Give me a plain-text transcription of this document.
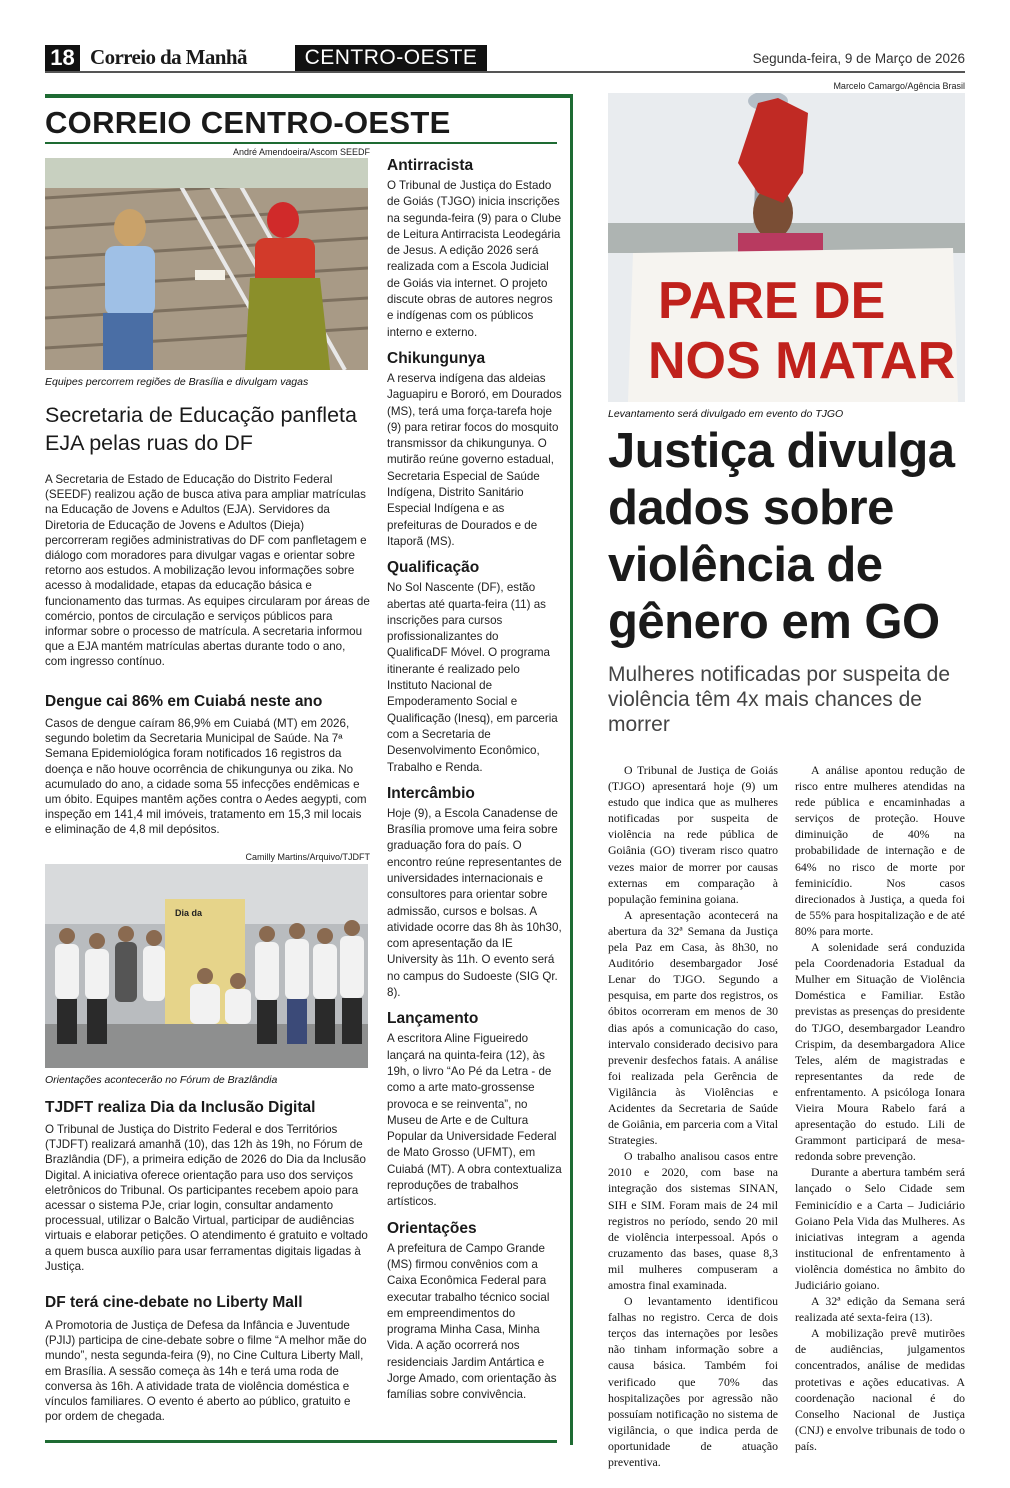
18 Correio da Manhã	CENTRO-OESTE	Segunda-feira, 9 de Março de 2026
CORREIO CENTRO-OESTE
André Amendoeira/Ascom SEEDF
Equipes percorrem regiões de Brasília e divulgam vagas
Secretaria de Educação panfleta EJA pelas ruas do DF
A Secretaria de Estado de Educação do Distrito Federal (SEEDF) realizou ação de busca ativa para ampliar matrículas na Educação de Jovens e Adultos (EJA). Servidores da Diretoria de Educação de Jovens e Adultos (Dieja) percorreram regiões administrativas do DF com panfletagem e diálogo com moradores para divulgar vagas e orientar sobre retorno aos estudos. A mobilização levou informações sobre acesso à modalidade, etapas da educação básica e funcionamento das turmas. As equipes circularam por áreas de comércio, pontos de circulação e serviços públicos para informar sobre o processo de matrícula. A secretaria informou que a EJA mantém matrículas abertas durante todo o ano, com ingresso contínuo.
Dengue cai 86% em Cuiabá neste ano
Casos de dengue caíram 86,9% em Cuiabá (MT) em 2026, segundo boletim da Secretaria Municipal de Saúde. Na 7ª Semana Epidemiológica foram notificados 16 registros da doença e não houve ocorrência de chikungunya ou zika. No acumulado do ano, a cidade soma 55 infecções endêmicas e um óbito. Equipes mantêm ações contra o Aedes aegypti, com inspeção em 141,4 mil imóveis, tratamento em 15,3 mil locais e eliminação de 4,8 mil depósitos.
Camilly Martins/Arquivo/TJDFT
Dia da
Orientações acontecerão no Fórum de Brazlândia
TJDFT realiza Dia da Inclusão Digital
O Tribunal de Justiça do Distrito Federal e dos Territórios (TJDFT) realizará amanhã (10), das 12h às 19h, no Fórum de Brazlândia (DF), a primeira edição de 2026 do Dia da Inclusão Digital. A iniciativa oferece orientação para uso dos serviços eletrônicos do Tribunal. Os participantes recebem apoio para acessar o sistema PJe, criar login, consultar andamento processual, utilizar o Balcão Virtual, participar de audiências virtuais e elaborar petições. O atendimento é gratuito e voltado a quem busca auxílio para usar ferramentas digitais ligadas à Justiça.
DF terá cine-debate no Liberty Mall
A Promotoria de Justiça de Defesa da Infância e Juventude (PJIJ) participa de cine-debate sobre o filme “A melhor mãe do mundo”, nesta segunda-feira (9), no Cine Cultura Liberty Mall, em Brasília. A sessão começa às 14h e terá uma roda de conversa às 16h. A atividade trata de violência doméstica e vínculos familiares. O evento é aberto ao público, gratuito e por ordem de chegada.
Antirracista
O Tribunal de Justiça do Estado de Goiás (TJGO) inicia inscrições na segunda-feira (9) para o Clube de Leitura Antirracista Leodegária de Jesus. A edição 2026 será realizada com a Escola Judicial de Goiás via internet. O projeto discute obras de autores negros e indígenas com os públicos interno e externo.
Chikungunya
A reserva indígena das aldeias Jaguapiru e Bororó, em Dourados (MS), terá uma força-tarefa hoje (9) para retirar focos do mosquito transmissor da chikungunya. O mutirão reúne governo estadual, Secretaria Especial de Saúde Indígena, Distrito Sanitário Especial Indígena e as prefeituras de Dourados e de Itaporã (MS).
Qualificação
No Sol Nascente (DF), estão abertas até quarta-feira (11) as inscrições para cursos profissionalizantes do QualificaDF Móvel. O programa itinerante é realizado pelo Instituto Nacional de Empoderamento Social e Qualificação (Inesq), em parceria com a Secretaria de Desenvolvimento Econômico, Trabalho e Renda.
Intercâmbio
Hoje (9), a Escola Canadense de Brasília promove uma feira sobre graduação fora do país. O encontro reúne representantes de universidades internacionais e consultores para orientar sobre admissão, cursos e bolsas. A atividade ocorre das 8h às 10h30, com apresentação da IE University às 11h. O evento será no campus do Sudoeste (SIG Qr. 8).
Lançamento
A escritora Aline Figueiredo lançará na quinta-feira (12), às 19h, o livro “Ao Pé da Letra - de como a arte mato-grossense provoca e se reinventa”, no Museu de Arte e de Cultura Popular da Universidade Federal de Mato Grosso (UFMT), em Cuiabá (MT). A obra contextualiza reproduções de trabalhos artísticos.
Orientações
A prefeitura de Campo Grande (MS) firmou convênios com a Caixa Econômica Federal para executar trabalho técnico social em empreendimentos do programa Minha Casa, Minha Vida. A ação ocorrerá nos residenciais Jardim Antártica e Jorge Amado, com orientação às famílias sobre convivência.
Marcelo Camargo/Agência Brasil
PARE DE
NOS MATAR
Levantamento será divulgado em evento do TJGO
Justiça divulga dados sobre violência de gênero em GO
Mulheres notificadas por suspeita de violência têm 4x mais chances de morrer

O Tribunal de Justiça de Goiás (TJGO) apresentará hoje (9) um estudo que indica que as mulheres notificadas por suspeita de violência na rede pública de Goiânia (GO) tiveram risco quatro vezes maior de morrer por causas externas em comparação à população feminina goiana.

A apresentação acontecerá na abertura da 32ª Semana da Justiça pela Paz em Casa, às 8h30, no Auditório desembargador José Lenar do TJGO. Segundo a pesquisa, em parte dos registros, os óbitos ocorreram em menos de 30 dias após a comunicação do caso, intervalo considerado decisivo para prevenir desfechos fatais. A análise foi realizada pela Gerência de Vigilância às Violências e Acidentes da Secretaria de Saúde de Goiânia, em parceria com a Vital Strategies.

O trabalho analisou casos entre 2010 e 2020, com base na integração dos sistemas SINAN, SIH e SIM. Foram mais de 24 mil registros no período, sendo 20 mil de violência interpessoal. Após o cruzamento das bases, quase 8,3 mil mulheres compuseram a amostra final examinada.

O levantamento identificou falhas no registro. Cerca de dois terços das internações por lesões não tinham informação sobre a causa básica. Também foi verificado que 70% das hospitalizações por agressão não possuíam notificação no sistema de vigilância, o que indica perda de oportunidade de atuação preventiva.

A análise apontou redução de risco entre mulheres atendidas na rede pública e encaminhadas a serviços de proteção. Houve diminuição de 40% na probabilidade de internação e de 64% no risco de morte por feminicídio. Nos casos direcionados à Justiça, a queda foi de 55% para hospitalização e de até 80% para morte.

A solenidade será conduzida pela Coordenadoria Estadual da Mulher em Situação de Violência Doméstica e Familiar. Estão previstas as presenças do presidente do TJGO, desembargador Leandro Crispim, da desembargadora Alice Teles, além de magistradas e representantes da rede de enfrentamento. A psicóloga Ionara Vieira Moura Rabelo fará a apresentação do estudo. Lili de Grammont participará de mesa-redonda sobre prevenção.

Durante a abertura também será lançado o Selo Cidade sem Feminicídio e a Carta – Judiciário Goiano Pela Vida das Mulheres. As iniciativas integram a agenda institucional de enfrentamento à violência doméstica no âmbito do Judiciário goiano.

A 32ª edição da Semana será realizada até sexta-feira (13).

A mobilização prevê mutirões de audiências, julgamentos concentrados, análise de medidas protetivas e ações educativas. A coordenação nacional é do Conselho Nacional de Justiça (CNJ) e envolve tribunais de todo o país.
